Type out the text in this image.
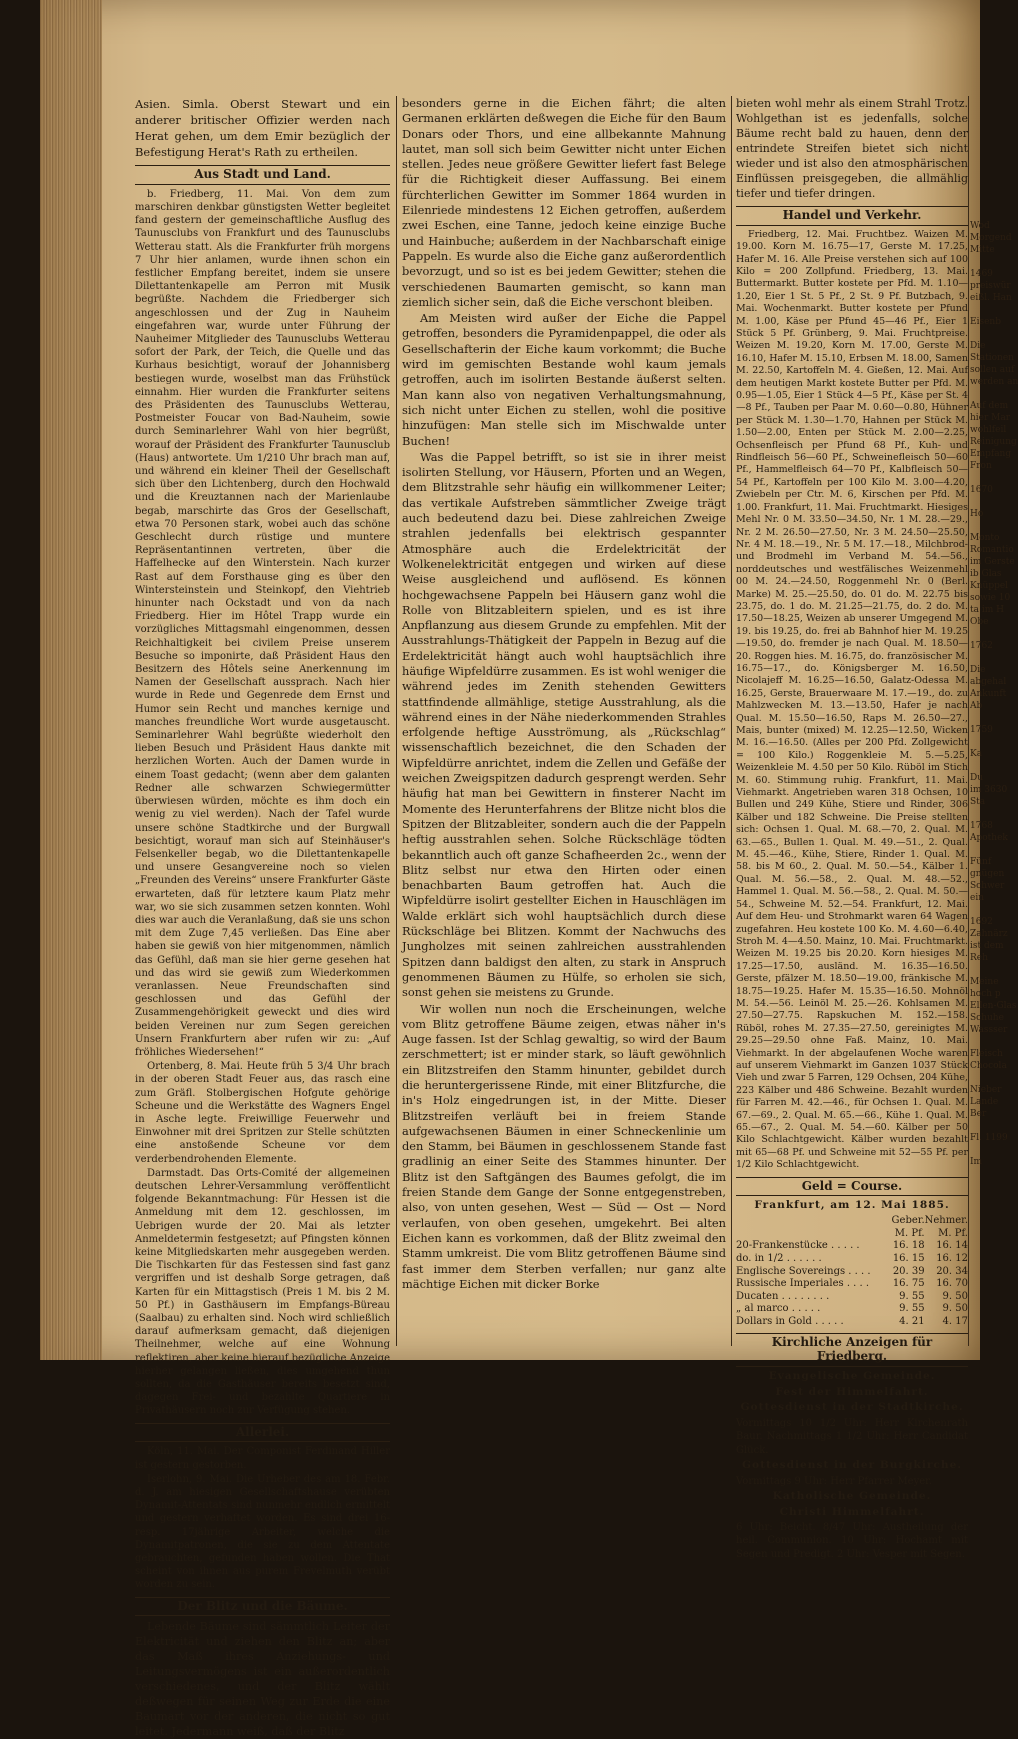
Asien. Simla. Oberst Stewart und ein anderer britischer Offizier werden nach Herat gehen, um dem Emir bezüglich der Befestigung Herat's Rath zu ertheilen.

Aus Stadt und Land.

b. Friedberg, 11. Mai. Von dem zum marschiren denkbar günstigsten Wetter begleitet fand gestern der gemeinschaftliche Ausflug des Taunusclubs von Frankfurt und des Taunusclubs Wetterau statt. Als die Frankfurter früh morgens 7 Uhr hier anlamen, wurde ihnen schon ein festlicher Empfang bereitet, indem sie unsere Dilettantenkapelle am Perron mit Musik begrüßte. Nachdem die Friedberger sich angeschlossen und der Zug in Nauheim eingefahren war, wurde unter Führung der Nauheimer Mitglieder des Taunusclubs Wetterau sofort der Park, der Teich, die Quelle und das Kurhaus besichtigt, worauf der Johannisberg bestiegen wurde, woselbst man das Frühstück einnahm. Hier wurden die Frankfurter seitens des Präsidenten des Taunusclubs Wetterau, Postmeister Foucar von Bad-Nauheim, sowie durch Seminarlehrer Wahl von hier begrüßt, worauf der Präsident des Frankfurter Taunusclub (Haus) antwortete. Um 1/210 Uhr brach man auf, und während ein kleiner Theil der Gesellschaft sich über den Lichtenberg, durch den Hochwald und die Kreuztannen nach der Marienlaube begab, marschirte das Gros der Gesellschaft, etwa 70 Personen stark, wobei auch das schöne Geschlecht durch rüstige und muntere Repräsentantinnen vertreten, über die Haffelhecke auf den Winterstein. Nach kurzer Rast auf dem Forsthause ging es über den Wintersteinstein und Steinkopf, den Viehtrieb hinunter nach Ockstadt und von da nach Friedberg. Hier im Hôtel Trapp wurde ein vorzügliches Mittagsmahl eingenommen, dessen Reichhaltigkeit bei civilem Preise unserem Besuche so imponirte, daß Präsident Haus den Besitzern des Hôtels seine Anerkennung im Namen der Gesellschaft aussprach. Nach hier wurde in Rede und Gegenrede dem Ernst und Humor sein Recht und manches kernige und manches freundliche Wort wurde ausgetauscht. Seminarlehrer Wahl begrüßte wiederholt den lieben Besuch und Präsident Haus dankte mit herzlichen Worten. Auch der Damen wurde in einem Toast gedacht; (wenn aber dem galanten Redner alle schwarzen Schwiegermütter überwiesen würden, möchte es ihm doch ein wenig zu viel werden). Nach der Tafel wurde unsere schöne Stadtkirche und der Burgwall besichtigt, worauf man sich auf Steinhäuser's Felsenkeller begab, wo die Dilettantenkapelle und unsere Gesangvereine noch so vielen „Freunden des Vereins“ unsere Frankfurter Gäste erwarteten, daß für letztere kaum Platz mehr war, wo sie sich zusammen setzen konnten. Wohl dies war auch die Veranlaßung, daß sie uns schon mit dem Zuge 7,45 verließen. Das Eine aber haben sie gewiß von hier mitgenommen, nämlich das Gefühl, daß man sie hier gerne gesehen hat und das wird sie gewiß zum Wiederkommen veranlassen. Neue Freundschaften sind geschlossen und das Gefühl der Zusammengehörigkeit geweckt und dies wird beiden Vereinen nur zum Segen gereichen Unsern Frankfurtern aber rufen wir zu: „Auf fröhliches Wiedersehen!“

Ortenberg, 8. Mai. Heute früh 5 3/4 Uhr brach in der oberen Stadt Feuer aus, das rasch eine zum Gräfl. Stolbergischen Hofgute gehörige Scheune und die Werkstätte des Wagners Engel in Asche legte. Freiwillige Feuerwehr und Einwohner mit drei Spritzen zur Stelle schützten eine anstoßende Scheune vor dem verderbendrohenden Elemente.

Darmstadt. Das Orts-Comité der allgemeinen deutschen Lehrer-Versammlung veröffentlicht folgende Bekanntmachung: Für Hessen ist die Anmeldung mit dem 12. geschlossen, im Uebrigen wurde der 20. Mai als letzter Anmeldetermin festgesetzt; auf Pfingsten können keine Mitgliedskarten mehr ausgegeben werden. Die Tischkarten für das Festessen sind fast ganz vergriffen und ist deshalb Sorge getragen, daß Karten für ein Mittagstisch (Preis 1 M. bis 2 M. 50 Pf.) in Gasthäusern im Empfangs-Büreau (Saalbau) zu erhalten sind. Noch wird schließlich darauf aufmerksam gemacht, daß diejenigen Theilnehmer, welche auf eine Wohnung reflektiren, aber keine hierauf bezügliche Anzeige hierher gelangen ließen, dies umgehend thun sollten, da die Gasthäuser bereits besetzt sind, dagegen Frei- und bezahlte Quartiere in Privathäusern noch zur Verfügung stehen.

Allerlei.

Köln, 11. Mai. Der Componist Ferdinand Hiller ist gestern gestorben.

Iserlohn, 9. Mai. Die Urheber des am 18. Febr. d. J. am hiesigen Gesellschaftshause verübten Dynamit-Attentats sind nunmehr endlich ermittelt und gestern verhaftet worden. Es sind drei 16- resp. 17jährige Arbeiter, welche die Dynamitpatronen, die sie zu dem Attentate gebrauchten, gefunden haben wollen. Die That scheint von ihnen aus purem Frevelmuth verübt worden zu sein.

Der Blitz und die Bäume.

Lebende Bäume sind sämmtlich Leiter der Elektricität und ziehen den Blitz an; aber das Maß ihres Anziehungs- und Leitungsvermögens ist ein außerordentlich verschiedenes, und der Blitz wählt deßwegen für seinen Weg zur Erde die eine Baumart vor der anderen, die nicht so gut leitet. Jedermann weiß, daß der Blitz

besonders gerne in die Eichen fährt; die alten Germanen erklärten deßwegen die Eiche für den Baum Donars oder Thors, und eine allbekannte Mahnung lautet, man soll sich beim Gewitter nicht unter Eichen stellen. Jedes neue größere Gewitter liefert fast Belege für die Richtigkeit dieser Auffassung. Bei einem fürchterlichen Gewitter im Sommer 1864 wurden in Eilenriede mindestens 12 Eichen getroffen, außerdem zwei Eschen, eine Tanne, jedoch keine einzige Buche und Hainbuche; außerdem in der Nachbarschaft einige Pappeln. Es wurde also die Eiche ganz außerordentlich bevorzugt, und so ist es bei jedem Gewitter; stehen die verschiedenen Baumarten gemischt, so kann man ziemlich sicher sein, daß die Eiche verschont bleiben.

Am Meisten wird außer der Eiche die Pappel getroffen, besonders die Pyramidenpappel, die oder als Gesellschafterin der Eiche kaum vorkommt; die Buche wird im gemischten Bestande wohl kaum jemals getroffen, auch im isolirten Bestande äußerst selten. Man kann also von negativen Verhaltungsmahnung, sich nicht unter Eichen zu stellen, wohl die positive hinzufügen: Man stelle sich im Mischwalde unter Buchen!

Was die Pappel betrifft, so ist sie in ihrer meist isolirten Stellung, vor Häusern, Pforten und an Wegen, dem Blitzstrahle sehr häufig ein willkommener Leiter; das vertikale Aufstreben sämmtlicher Zweige trägt auch bedeutend dazu bei. Diese zahlreichen Zweige strahlen jedenfalls bei elektrisch gespannter Atmosphäre auch die Erdelektricität der Wolkenelektricität entgegen und wirken auf diese Weise ausgleichend und auflösend. Es können hochgewachsene Pappeln bei Häusern ganz wohl die Rolle von Blitzableitern spielen, und es ist ihre Anpflanzung aus diesem Grunde zu empfehlen. Mit der Ausstrahlungs-Thätigkeit der Pappeln in Bezug auf die Erdelektricität hängt auch wohl hauptsächlich ihre häufige Wipfeldürre zusammen. Es ist wohl weniger die während jedes im Zenith stehenden Gewitters stattfindende allmählige, stetige Ausstrahlung, als die während eines in der Nähe niederkommenden Strahles erfolgende heftige Ausströmung, als „Rückschlag“ wissenschaftlich bezeichnet, die den Schaden der Wipfeldürre anrichtet, indem die Zellen und Gefäße der weichen Zweigspitzen dadurch gesprengt werden. Sehr häufig hat man bei Gewittern in finsterer Nacht im Momente des Herunterfahrens der Blitze nicht blos die Spitzen der Blitzableiter, sondern auch die der Pappeln heftig ausstrahlen sehen. Solche Rückschläge tödten bekanntlich auch oft ganze Schafheerden 2c., wenn der Blitz selbst nur etwa den Hirten oder einen benachbarten Baum getroffen hat. Auch die Wipfeldürre isolirt gestellter Eichen in Hauschlägen im Walde erklärt sich wohl hauptsächlich durch diese Rückschläge bei Blitzen. Kommt der Nachwuchs des Jungholzes mit seinen zahlreichen ausstrahlenden Spitzen dann baldigst den alten, zu stark in Anspruch genommenen Bäumen zu Hülfe, so erholen sie sich, sonst gehen sie meistens zu Grunde.

Wir wollen nun noch die Erscheinungen, welche vom Blitz getroffene Bäume zeigen, etwas näher in's Auge fassen. Ist der Schlag gewaltig, so wird der Baum zerschmettert; ist er minder stark, so läuft gewöhnlich ein Blitzstreifen den Stamm hinunter, gebildet durch die heruntergerissene Rinde, mit einer Blitzfurche, die in's Holz eingedrungen ist, in der Mitte. Dieser Blitzstreifen verläuft bei in freiem Stande aufgewachsenen Bäumen in einer Schneckenlinie um den Stamm, bei Bäumen in geschlossenem Stande fast gradlinig an einer Seite des Stammes hinunter. Der Blitz ist den Saftgängen des Baumes gefolgt, die im freien Stande dem Gange der Sonne entgegenstreben, also, von unten gesehen, West — Süd — Ost — Nord verlaufen, von oben gesehen, umgekehrt. Bei alten Eichen kann es vorkommen, daß der Blitz zweimal den Stamm umkreist. Die vom Blitz getroffenen Bäume sind fast immer dem Sterben verfallen; nur ganz alte mächtige Eichen mit dicker Borke

bieten wohl mehr als einem Strahl Trotz. Wohlgethan ist es jedenfalls, solche Bäume recht bald zu hauen, denn der entrindete Streifen bietet sich nicht wieder und ist also den atmosphärischen Einflüssen preisgegeben, die allmählig tiefer und tiefer dringen.

Handel und Verkehr.

Friedberg, 12. Mai. Fruchtbez. Waizen M. 19.00. Korn M. 16.75—17, Gerste M. 17.25, Hafer M. 16. Alle Preise verstehen sich auf 100 Kilo = 200 Zollpfund. Friedberg, 13. Mai. Buttermarkt. Butter kostete per Pfd. M. 1.10—1.20, Eier 1 St. 5 Pf., 2 St. 9 Pf. Butzbach, 9. Mai. Wochenmarkt. Butter kostete per Pfund M. 1.00, Käse per Pfund 45—46 Pf., Eier 1 Stück 5 Pf. Grünberg, 9. Mai. Fruchtpreise. Weizen M. 19.20, Korn M. 17.00, Gerste M. 16.10, Hafer M. 15.10, Erbsen M. 18.00, Samen M. 22.50, Kartoffeln M. 4. Gießen, 12. Mai. Auf dem heutigen Markt kostete Butter per Pfd. M. 0.95—1.05, Eier 1 Stück 4—5 Pf., Käse per St. 4—8 Pf., Tauben per Paar M. 0.60—0.80, Hühner per Stück M. 1.30—1.70, Hahnen per Stück M. 1.50—2.00, Enten per Stück M. 2.00—2.25, Ochsenfleisch per Pfund 68 Pf., Kuh- und Rindfleisch 56—60 Pf., Schweinefleisch 50—60 Pf., Hammelfleisch 64—70 Pf., Kalbfleisch 50—54 Pf., Kartoffeln per 100 Kilo M. 3.00—4.20, Zwiebeln per Ctr. M. 6, Kirschen per Pfd. M. 1.00. Frankfurt, 11. Mai. Fruchtmarkt. Hiesiges Mehl Nr. 0 M. 33.50—34.50, Nr. 1 M. 28.—29., Nr. 2 M. 26.50—27.50, Nr. 3 M. 24.50—25.50, Nr. 4 M. 18.—19., Nr. 5 M. 17.—18., Milchbrod- und Brodmehl im Verband M. 54.—56., norddeutsches und westfälisches Weizenmehl 00 M. 24.—24.50, Roggenmehl Nr. 0 (Berl. Marke) M. 25.—25.50, do. 01 do. M. 22.75 bis 23.75, do. 1 do. M. 21.25—21.75, do. 2 do. M. 17.50—18.25, Weizen ab unserer Umgegend M. 19. bis 19.25, do. frei ab Bahnhof hier M. 19.25—19.50, do. fremder je nach Qual. M. 18.50—20. Roggen hies. M. 16.75, do. französischer M. 16.75—17., do. Königsberger M. 16.50, Nicolajeff M. 16.25—16.50, Galatz-Odessa M. 16.25, Gerste, Brauerwaare M. 17.—19., do. zu Mahlzwecken M. 13.—13.50, Hafer je nach Qual. M. 15.50—16.50, Raps M. 26.50—27., Mais, bunter (mixed) M. 12.25—12.50, Wicken M. 16.—16.50. (Alles per 200 Pfd. Zollgewicht = 100 Kilo.) Roggenkleie M. 5.—5.25, Weizenkleie M. 4.50 per 50 Kilo. Rüböl im Stich M. 60. Stimmung ruhig. Frankfurt, 11. Mai. Viehmarkt. Angetrieben waren 318 Ochsen, 10 Bullen und 249 Kühe, Stiere und Rinder, 306 Kälber und 182 Schweine. Die Preise stellten sich: Ochsen 1. Qual. M. 68.—70, 2. Qual. M. 63.—65., Bullen 1. Qual. M. 49.—51., 2. Qual. M. 45.—46., Kühe, Stiere, Rinder 1. Qual. M. 58. bis M 60., 2. Qual. M. 50.—54., Kälber 1. Qual. M. 56.—58., 2. Qual. M. 48.—52., Hammel 1. Qual. M. 56.—58., 2. Qual. M. 50.—54., Schweine M. 52.—54. Frankfurt, 12. Mai. Auf dem Heu- und Strohmarkt waren 64 Wagen zugefahren. Heu kostete 100 Ko. M. 4.60—6.40, Stroh M. 4—4.50. Mainz, 10. Mai. Fruchtmarkt. Weizen M. 19.25 bis 20.20. Korn hiesiges M. 17.25—17.50, ausländ. M. 16.35—16.50. Gerste, pfälzer M. 18.50—19.00, fränkische M. 18.75—19.25. Hafer M. 15.35—16.50. Mohnöl M. 54.—56. Leinöl M. 25.—26. Kohlsamen M. 27.50—27.75. Rapskuchen M. 152.—158. Rüböl, rohes M. 27.35—27.50, gereinigtes M. 29.25—29.50 ohne Faß. Mainz, 10. Mai. Viehmarkt. In der abgelaufenen Woche waren auf unserem Viehmarkt im Ganzen 1037 Stück Vieh und zwar 5 Farren, 129 Ochsen, 204 Kühe, 223 Kälber und 486 Schweine. Bezahlt wurden für Farren M. 42.—46., für Ochsen 1. Qual. M. 67.—69., 2. Qual. M. 65.—66., Kühe 1. Qual. M. 65.—67., 2. Qual. M. 54.—60. Kälber per 50 Kilo Schlachtgewicht. Kälber wurden bezahlt mit 65—68 Pf. und Schweine mit 52—55 Pf. per 1/2 Kilo Schlachtgewicht.

Geld = Course.
Frankfurt, am 12. Mai 1885.
	Geber.	Nehmer.
	M. Pf.	M. Pf.
20-Frankenstücke . . . . .	16. 18	16. 14
do. in 1/2 . . . . . .	16. 15	16. 12
Englische Sovereings . . . .	20. 39	20. 34
Russische Imperiales . . . .	16. 75	16. 70
Ducaten . . . . . . . .	9. 55	9. 50
„ al marco . . . . .	9. 55	9. 50
Dollars in Gold . . . . .	4. 21	4. 17
Kirchliche Anzeigen für Friedberg.
Evangelische Gemeinde.
Fest der Himmelfahrt.
Gottesdienst in der Stadtkirche.

Vormittags 10 1/2 Uhr: Herr Kirchenrath Baur. Nachmittags 1 1/2 Uhr: Herr Candidat Glück.

Gottesdienst in der Burgkirche.

Vormittags 9 Uhr: Herr Pfarrer Meyer.

Katholische Gemeinde.
Christi Himmelfahrt.

6 Uhr: Beicht. 8/47 Uhr: Austheilung der heil. Communion. 10 Uhr: Hochamt mit Segen und Predigt. 2 Uhr: Vesper mit Segen.

Wod
Morgend
Mitte

1469
preiswür
eißl. Han

Eisenb

Die
Stationen
sollen auf
werden an

Auf dem
hier Mar
wohlfeil
Reinigung
Empfang
Fron

1670

Ho

Monto
Romantio
im Gerste
ib Glas
Knüppel
sowie 10
ta im H
Obe

1762

Die
abgehal
Ankunft
Ab

1759

Ka

Du
im 3630
Sta

1768
Apothek

Fünf
gnügen
Schwer
ein

1692
Zahnärz
ist dem
Reh

Meine
hoch p
Ellen-Glas
Schuhe
Wassser

Fleisch
Chocola

Nieber
Lande
Ber

Fl. 1199

Im
